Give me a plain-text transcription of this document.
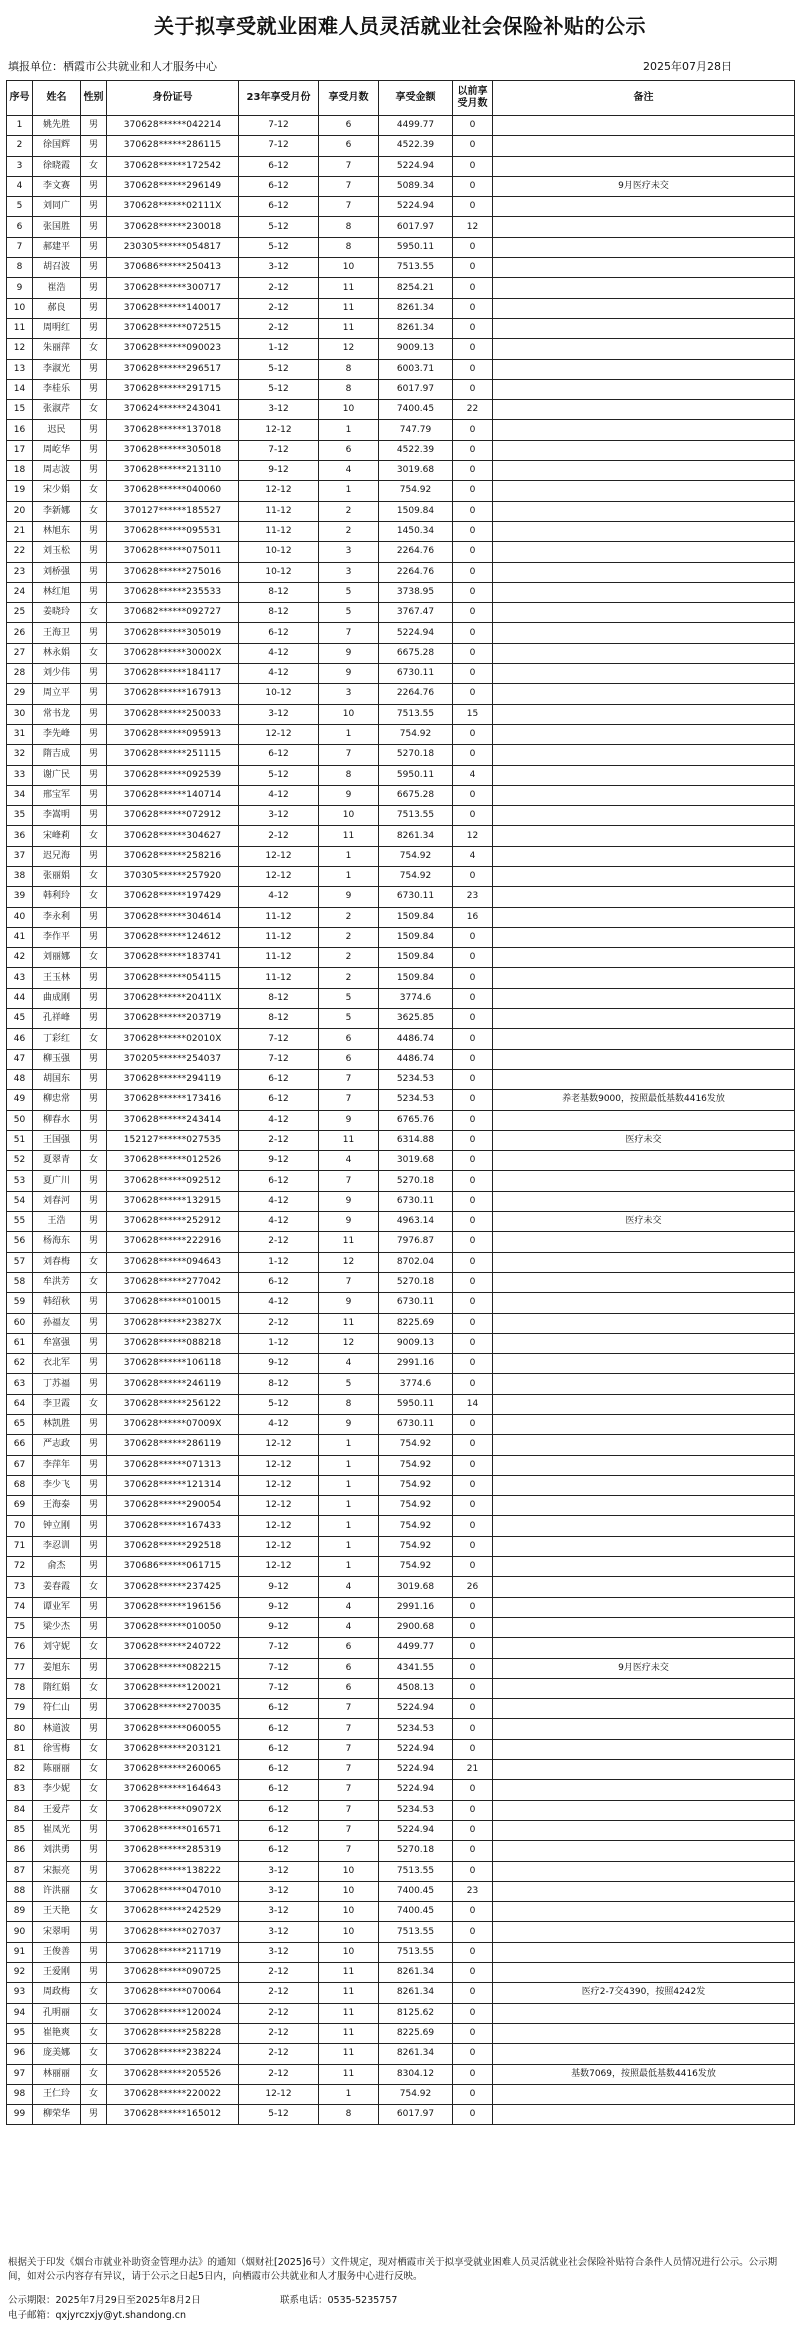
关于拟享受就业困难人员灵活就业社会保险补贴的公示
填报单位：栖霞市公共就业和人才服务中心	2025年07月28日
序号	姓名	性别	身份证号	23年享受月份	享受月数	享受金额	以前享受月数	备注
1	姚先胜	男	370628******042214	7-12	6	4499.77	0	
2	徐国辉	男	370628******286115	7-12	6	4522.39	0	
3	徐晓霞	女	370628******172542	6-12	7	5224.94	0	
4	李文赛	男	370628******296149	6-12	7	5089.34	0	9月医疗未交
5	刘同广	男	370628******02111X	6-12	7	5224.94	0	
6	张国胜	男	370628******230018	5-12	8	6017.97	12	
7	郝建平	男	230305******054817	5-12	8	5950.11	0	
8	胡召波	男	370686******250413	3-12	10	7513.55	0	
9	崔浩	男	370628******300717	2-12	11	8254.21	0	
10	郝良	男	370628******140017	2-12	11	8261.34	0	
11	周明红	男	370628******072515	2-12	11	8261.34	0	
12	朱丽萍	女	370628******090023	1-12	12	9009.13	0	
13	李淑光	男	370628******296517	5-12	8	6003.71	0	
14	李桂乐	男	370628******291715	5-12	8	6017.97	0	
15	张淑芹	女	370624******243041	3-12	10	7400.45	22	
16	迟民	男	370628******137018	12-12	1	747.79	0	
17	周屹华	男	370628******305018	7-12	6	4522.39	0	
18	周志波	男	370628******213110	9-12	4	3019.68	0	
19	宋少娟	女	370628******040060	12-12	1	754.92	0	
20	李新娜	女	370127******185527	11-12	2	1509.84	0	
21	林旭东	男	370628******095531	11-12	2	1450.34	0	
22	刘玉松	男	370628******075011	10-12	3	2264.76	0	
23	刘桥强	男	370628******275016	10-12	3	2264.76	0	
24	林红旭	男	370628******235533	8-12	5	3738.95	0	
25	姜晓玲	女	370682******092727	8-12	5	3767.47	0	
26	王海卫	男	370628******305019	6-12	7	5224.94	0	
27	林永娟	女	370628******30002X	4-12	9	6675.28	0	
28	刘少伟	男	370628******184117	4-12	9	6730.11	0	
29	周立平	男	370628******167913	10-12	3	2264.76	0	
30	常书龙	男	370628******250033	3-12	10	7513.55	15	
31	李先峰	男	370628******095913	12-12	1	754.92	0	
32	隋吉成	男	370628******251115	6-12	7	5270.18	0	
33	谢广民	男	370628******092539	5-12	8	5950.11	4	
34	邢宝军	男	370628******140714	4-12	9	6675.28	0	
35	李嵩明	男	370628******072912	3-12	10	7513.55	0	
36	宋峰莉	女	370628******304627	2-12	11	8261.34	12	
37	迟兄海	男	370628******258216	12-12	1	754.92	4	
38	张丽娟	女	370305******257920	12-12	1	754.92	0	
39	韩利玲	女	370628******197429	4-12	9	6730.11	23	
40	李永利	男	370628******304614	11-12	2	1509.84	16	
41	李作平	男	370628******124612	11-12	2	1509.84	0	
42	刘丽娜	女	370628******183741	11-12	2	1509.84	0	
43	王玉林	男	370628******054115	11-12	2	1509.84	0	
44	曲成刚	男	370628******20411X	8-12	5	3774.6	0	
45	孔祥峰	男	370628******203719	8-12	5	3625.85	0	
46	丁彩红	女	370628******02010X	7-12	6	4486.74	0	
47	柳玉强	男	370205******254037	7-12	6	4486.74	0	
48	胡国东	男	370628******294119	6-12	7	5234.53	0	
49	柳忠常	男	370628******173416	6-12	7	5234.53	0	养老基数9000，按照最低基数4416发放
50	柳春水	男	370628******243414	4-12	9	6765.76	0	
51	王国强	男	152127******027535	2-12	11	6314.88	0	医疗未交
52	夏翠青	女	370628******012526	9-12	4	3019.68	0	
53	夏广川	男	370628******092512	6-12	7	5270.18	0	
54	刘春河	男	370628******132915	4-12	9	6730.11	0	
55	王浩	男	370628******252912	4-12	9	4963.14	0	医疗未交
56	杨海东	男	370628******222916	2-12	11	7976.87	0	
57	刘春梅	女	370628******094643	1-12	12	8702.04	0	
58	牟洪芳	女	370628******277042	6-12	7	5270.18	0	
59	韩绍秋	男	370628******010015	4-12	9	6730.11	0	
60	孙福友	男	370628******23827X	2-12	11	8225.69	0	
61	牟富强	男	370628******088218	1-12	12	9009.13	0	
62	衣北军	男	370628******106118	9-12	4	2991.16	0	
63	丁苏福	男	370628******246119	8-12	5	3774.6	0	
64	李卫霞	女	370628******256122	5-12	8	5950.11	14	
65	林凯胜	男	370628******07009X	4-12	9	6730.11	0	
66	严志政	男	370628******286119	12-12	1	754.92	0	
67	李萍年	男	370628******071313	12-12	1	754.92	0	
68	李少飞	男	370628******121314	12-12	1	754.92	0	
69	王海泰	男	370628******290054	12-12	1	754.92	0	
70	钟立刚	男	370628******167433	12-12	1	754.92	0	
71	李忍训	男	370628******292518	12-12	1	754.92	0	
72	俞杰	男	370686******061715	12-12	1	754.92	0	
73	姜春霞	女	370628******237425	9-12	4	3019.68	26	
74	谭业军	男	370628******196156	9-12	4	2991.16	0	
75	梁少杰	男	370628******010050	9-12	4	2900.68	0	
76	刘守妮	女	370628******240722	7-12	6	4499.77	0	
77	姜旭东	男	370628******082215	7-12	6	4341.55	0	9月医疗未交
78	隋红娟	女	370628******120021	7-12	6	4508.13	0	
79	符仁山	男	370628******270035	6-12	7	5224.94	0	
80	林道波	男	370628******060055	6-12	7	5234.53	0	
81	徐雪梅	女	370628******203121	6-12	7	5224.94	0	
82	陈丽丽	女	370628******260065	6-12	7	5224.94	21	
83	李少妮	女	370628******164643	6-12	7	5224.94	0	
84	王爱芹	女	370628******09072X	6-12	7	5234.53	0	
85	崔凤光	男	370628******016571	6-12	7	5224.94	0	
86	刘洪勇	男	370628******285319	6-12	7	5270.18	0	
87	宋振亮	男	370628******138222	3-12	10	7513.55	0	
88	许洪丽	女	370628******047010	3-12	10	7400.45	23	
89	王天艳	女	370628******242529	3-12	10	7400.45	0	
90	宋翠明	男	370628******027037	3-12	10	7513.55	0	
91	王俊善	男	370628******211719	3-12	10	7513.55	0	
92	王爱刚	男	370628******090725	2-12	11	8261.34	0	
93	周政梅	女	370628******070064	2-12	11	8261.34	0	医疗2-7交4390，按照4242发
94	孔明丽	女	370628******120024	2-12	11	8125.62	0	
95	崔艳爽	女	370628******258228	2-12	11	8225.69	0	
96	庞美娜	女	370628******238224	2-12	11	8261.34	0	
97	林丽丽	女	370628******205526	2-12	11	8304.12	0	基数7069，按照最低基数4416发放
98	王仁玲	女	370628******220022	12-12	1	754.92	0	
99	柳荣华	男	370628******165012	5-12	8	6017.97	0	
根据关于印发《烟台市就业补助资金管理办法》的通知（烟财社[2025]6号）文件规定，现对栖霞市关于拟享受就业困难人员灵活就业社会保险补贴符合条件人员情况进行公示。公示期间，如对公示内容存有异议，请于公示之日起5日内，向栖霞市公共就业和人才服务中心进行反映。
公示期限：2025年7月29日至2025年8月2日	联系电话：0535-5235757
电子邮箱：qxjyrczxjy@yt.shandong.cn
